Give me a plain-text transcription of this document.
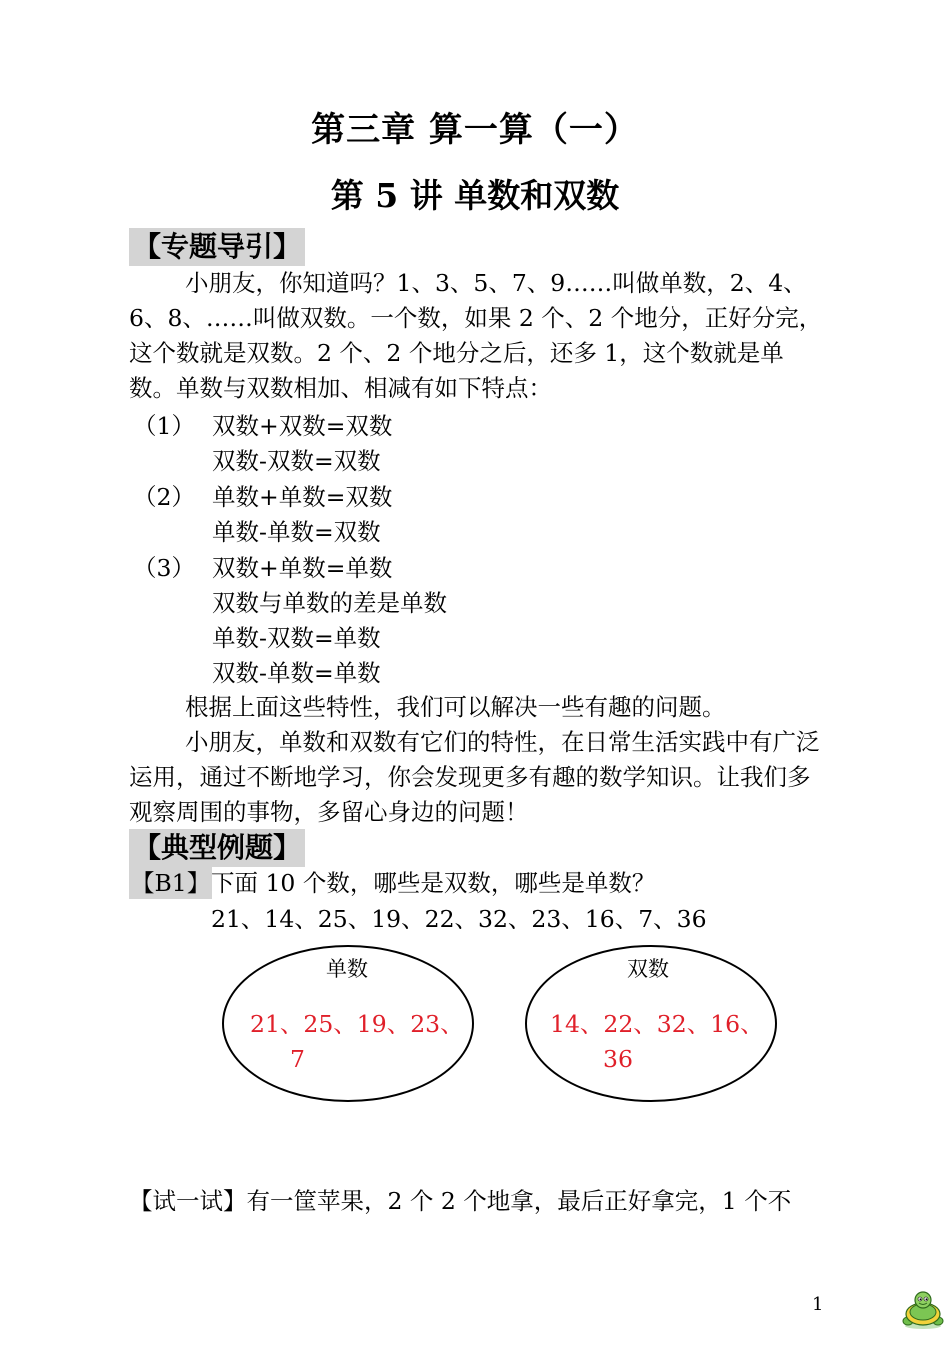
第三章 算一算（一）
第 5 讲 单数和双数
【专题导引】
小朋友，你知道吗？1、3、5、7、9……叫做单数，2、4、6、8、……叫做双数。一个数，如果 2 个、2 个地分，正好分完，这个数就是双数。2 个、2 个地分之后，还多 1，这个数就是单数。单数与双数相加、相减有如下特点：
（1） 双数+双数=双数
双数-双数=双数
（2） 单数+单数=双数
单数-单数=双数
（3） 双数+单数=单数
双数与单数的差是单数
单数-双数=单数
双数-单数=单数
根据上面这些特性，我们可以解决一些有趣的问题。
小朋友，单数和双数有它们的特性，在日常生活实践中有广泛运用，通过不断地学习，你会发现更多有趣的数学知识。让我们多观察周围的事物，多留心身边的问题！
【典型例题】
【B1】 下面 10 个数，哪些是双数，哪些是单数？
21、14、25、19、22、32、23、16、7、36
单数
21、25、19、23、
7
双数
14、22、32、16、
36
【试一试】有一筐苹果，2 个 2 个地拿，最后正好拿完，1 个不
1
